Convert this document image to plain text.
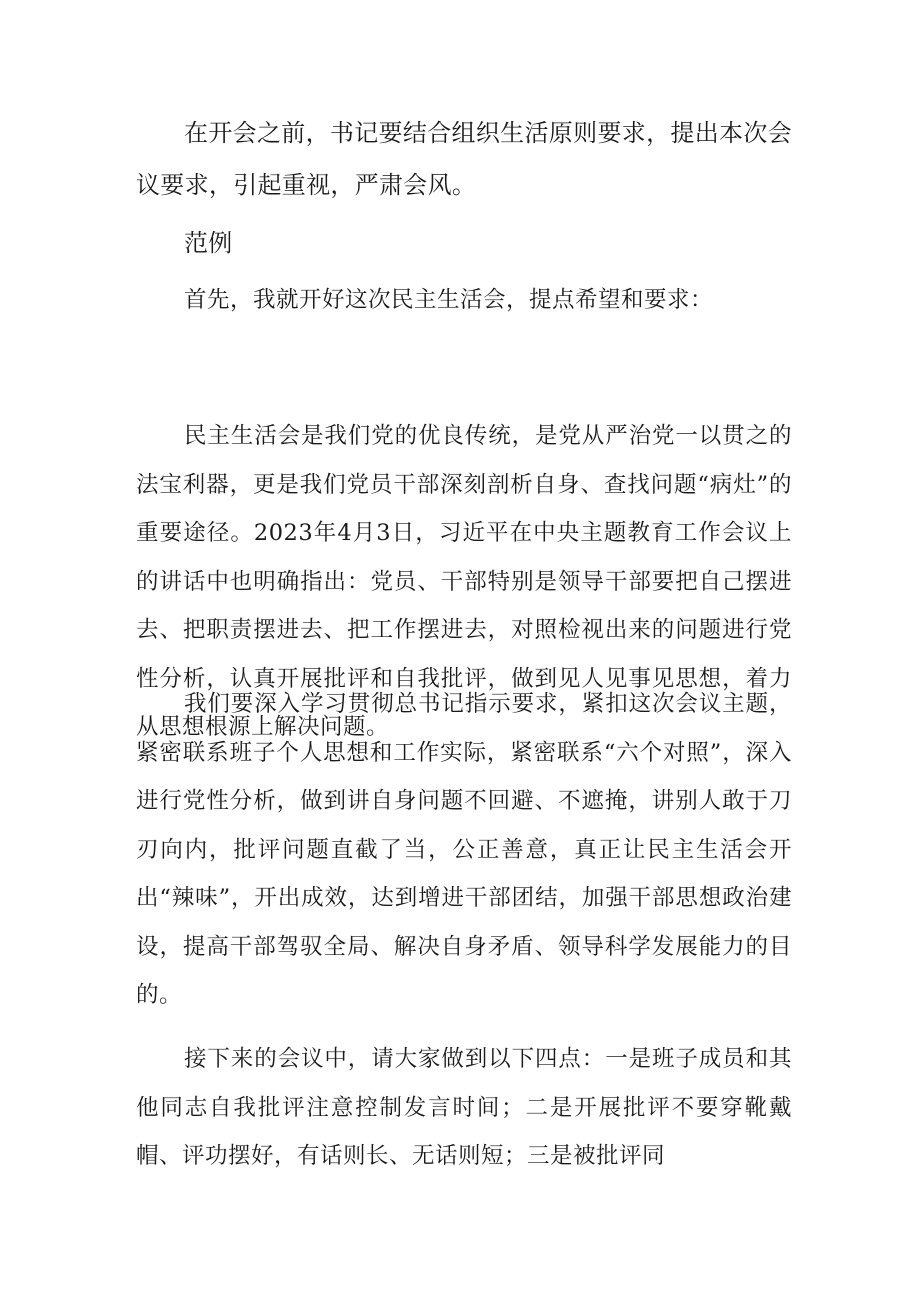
在开会之前，书记要结合组织生活原则要求，提出本次会议要求，引起重视，严肃会风。

范例

首先，我就开好这次民主生活会，提点希望和要求：

民主生活会是我们党的优良传统，是党从严治党一以贯之的法宝利器，更是我们党员干部深刻剖析自身、查找问题“病灶”的重要途径。2023年4月3日，习近平在中央主题教育工作会议上的讲话中也明确指出：党员、干部特别是领导干部要把自己摆进去、把职责摆进去、把工作摆进去，对照检视出来的问题进行党性分析，认真开展批评和自我批评，做到见人见事见思想，着力从思想根源上解决问题。

我们要深入学习贯彻总书记指示要求，紧扣这次会议主题，紧密联系班子个人思想和工作实际，紧密联系“六个对照”，深入进行党性分析，做到讲自身问题不回避、不遮掩，讲别人敢于刀刃向内，批评问题直截了当，公正善意，真正让民主生活会开出“辣味”，开出成效，达到增进干部团结，加强干部思想政治建设，提高干部驾驭全局、解决自身矛盾、领导科学发展能力的目的。

接下来的会议中，请大家做到以下四点：一是班子成员和其他同志自我批评注意控制发言时间；二是开展批评不要穿靴戴帽、评功摆好，有话则长、无话则短；三是被批评同
